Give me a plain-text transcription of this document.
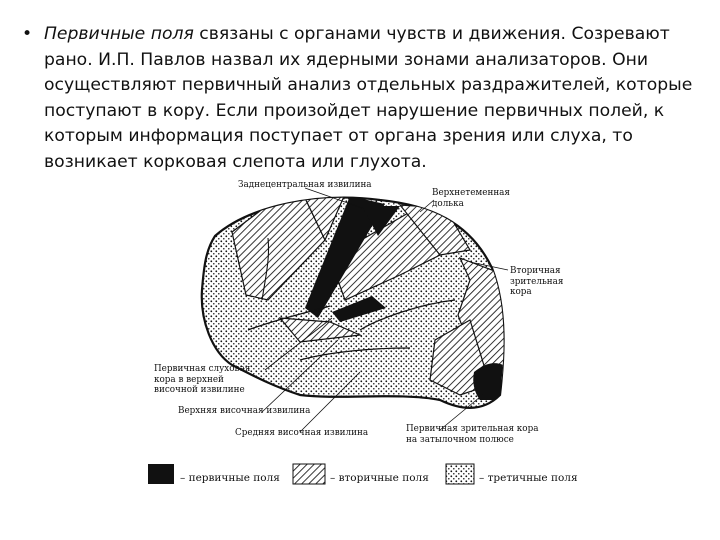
• Первичные поля связаны с органами чувств и движения. Созревают рано. И.П. Павлов назвал их ядерными зонами анализаторов. Они осуществляют первичный анализ отдельных раздражителей, которые поступают в кору. Если произойдет нарушение первичных полей, к которым информация поступает от органа зрения или слуха, то возникает корковая слепота или глухота.
Заднецентральная извилина
Верхнетеменная
долька
Вторичная
зрительная
кора
Первичная слуховая
кора в верхней
височной извилине
Верхняя височная извилина
Средняя височная извилина	Первичная зрительная кора
на затылочном полюсе
– первичные поля	– вторичные поля	– третичные поля
